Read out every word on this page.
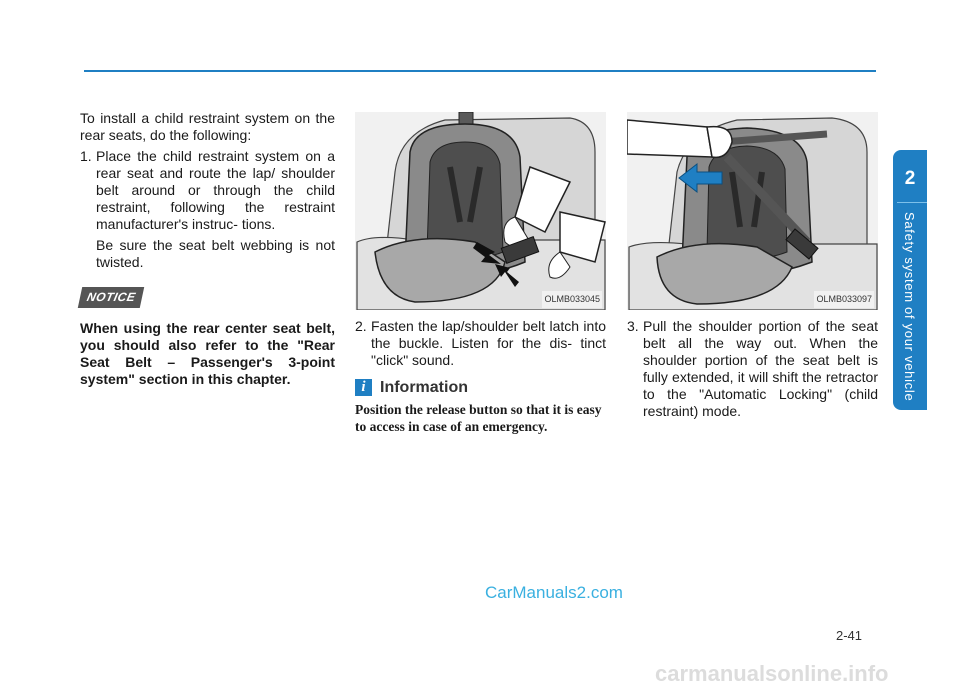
2
Safety system of your vehicle

To install a child restraint system on the rear seats, do the following:

1. Place the child restraint system on a rear seat and route the lap/ shoulder belt around or through the child restraint, following the restraint manufacturer's instruc- tions.

Be sure the seat belt webbing is not twisted.

NOTICE

When using the rear center seat belt, you should also refer to the "Rear Seat Belt – Passenger's 3-point system" section in this chapter.

OLMB033045
2. Fasten the lap/shoulder belt latch into the buckle. Listen for the dis- tinct "click" sound.

i Information

Position the release button so that it is easy to access in case of an emergency.

OLMB033097
3. Pull the shoulder portion of the seat belt all the way out. When the shoulder portion of the seat belt is fully extended, it will shift the retractor to the "Automatic Locking" (child restraint) mode.

2-41
CarManuals2.com
carmanualsonline.info
